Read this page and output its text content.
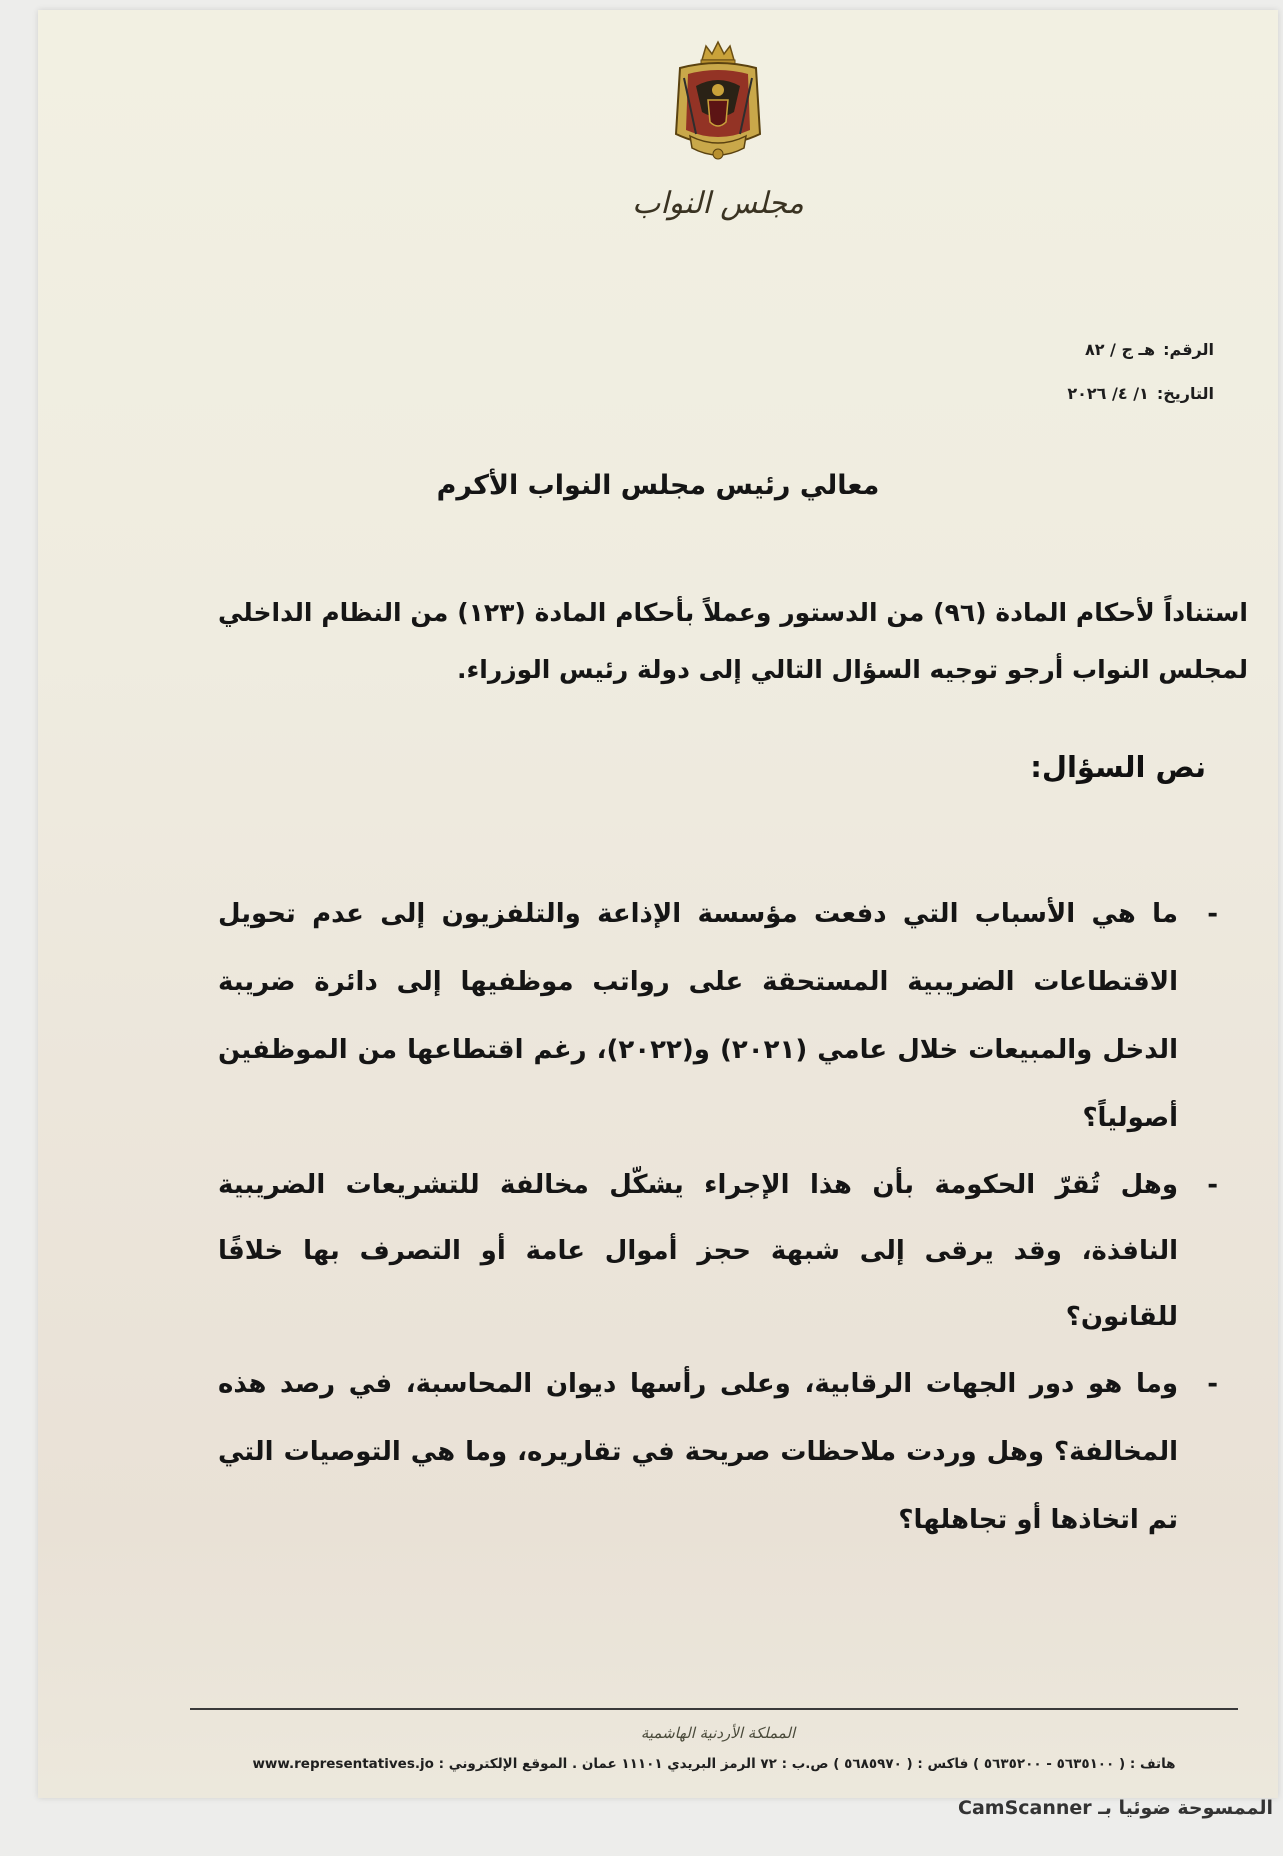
مجلس النواب
الرقم:هـ ج / ٨٢
التاريخ:١/ ٤/ ٢٠٢٦
معالي رئيس مجلس النواب الأكرم
استناداً لأحكام المادة (٩٦) من الدستور وعملاً بأحكام المادة (١٢٣) من النظام الداخلي لمجلس النواب أرجو توجيه السؤال التالي إلى دولة رئيس الوزراء.
نص السؤال:
-
ما هي الأسباب التي دفعت مؤسسة الإذاعة والتلفزيون إلى عدم تحويل الاقتطاعات الضريبية المستحقة على رواتب موظفيها إلى دائرة ضريبة الدخل والمبيعات خلال عامي (٢٠٢١) و(٢٠٢٢)، رغم اقتطاعها من الموظفين أصولياً؟
-
وهل تُقرّ الحكومة بأن هذا الإجراء يشكّل مخالفة للتشريعات الضريبية النافذة، وقد يرقى إلى شبهة حجز أموال عامة أو التصرف بها خلافًا للقانون؟
-
وما هو دور الجهات الرقابية، وعلى رأسها ديوان المحاسبة، في رصد هذه المخالفة؟ وهل وردت ملاحظات صريحة في تقاريره، وما هي التوصيات التي تم اتخاذها أو تجاهلها؟
المملكة الأردنية الهاشمية
هاتف : ( ٥٦٣٥١٠٠ - ٥٦٣٥٢٠٠ ) فاكس : ( ٥٦٨٥٩٧٠ ) ص.ب : ٧٢ الرمز البريدي ١١١٠١ عمان . الموقع الإلكتروني : www.representatives.jo
الممسوحة ضوئيا بـ CamScanner
